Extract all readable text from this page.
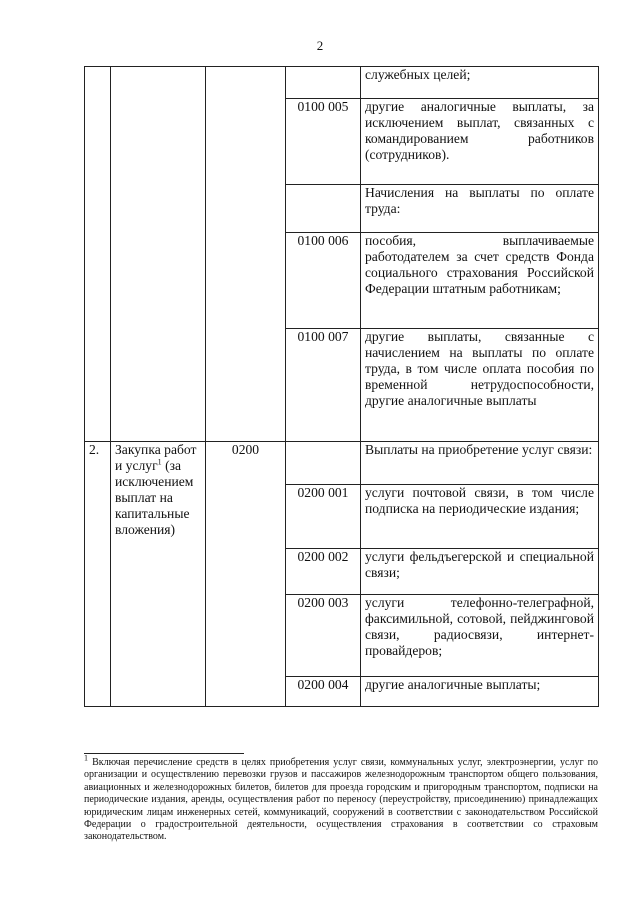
2
				служебных целей;
			0100 005	другие аналогичные выплаты, за исключением выплат, связанных с командированием работников (сотрудников).
				Начисления на выплаты по оплате труда:
			0100 006	пособия, выплачиваемые работодателем за счет средств Фонда социального страхования Российской Федерации штатным работникам;
			0100 007	другие выплаты, связанные с начислением на выплаты по оплате труда, в том числе оплата пособия по временной нетрудоспособности, другие аналогичные выплаты
2.	Закупка работ и услуг$^1$ (за исключением выплат на капитальные вложения)	0200		Выплаты на приобретение услуг связи:
			0200 001	услуги почтовой связи, в том числе подписка на периодические издания;
			0200 002	услуги фельдъегерской и специальной связи;
			0200 003	услуги телефонно-телеграфной, факсимильной, сотовой, пейджинговой связи, радиосвязи, интернет-провайдеров;
			0200 004	другие аналогичные выплаты;
$^1$ Включая перечисление средств в целях приобретения услуг связи, коммунальных услуг, электроэнергии, услуг по организации и осуществлению перевозки грузов и пассажиров железнодорожным транспортом общего пользования, авиационных и железнодорожных билетов, билетов для проезда городским и пригородным транспортом, подписки на периодические издания, аренды, осуществления работ по переносу (переустройству, присоединению) принадлежащих юридическим лицам инженерных сетей, коммуникаций, сооружений в соответствии с законодательством Российской Федерации о градостроительной деятельности, осуществления страхования в соответствии со страховым законодательством.
